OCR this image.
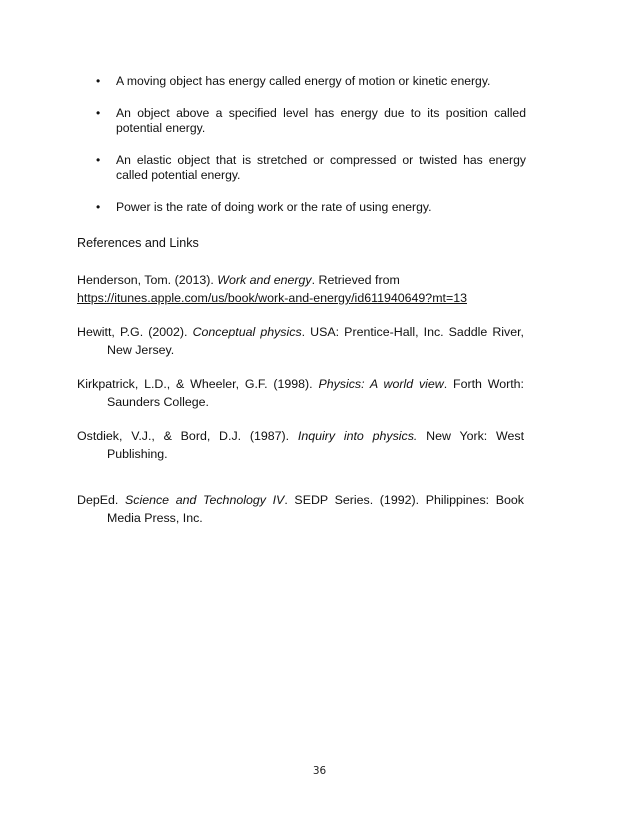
• A moving object has energy called energy of motion or kinetic energy.
• An object above a specified level has energy due to its position called potential energy.
• An elastic object that is stretched or compressed or twisted has energy called potential energy.
• Power is the rate of doing work or the rate of using energy.
References and Links

Henderson, Tom. (2013). Work and energy. Retrieved from
https://itunes.apple.com/us/book/work-and-energy/id611940649?mt=13

Hewitt, P.G. (2002). Conceptual physics. USA: Prentice-Hall, Inc. Saddle River, New Jersey.

Kirkpatrick, L.D., & Wheeler, G.F. (1998). Physics: A world view. Forth Worth: Saunders College.

Ostdiek, V.J., & Bord, D.J. (1987). Inquiry into physics. New York: West Publishing.

DepEd. Science and Technology IV. SEDP Series. (1992). Philippines: Book Media Press, Inc.

36
